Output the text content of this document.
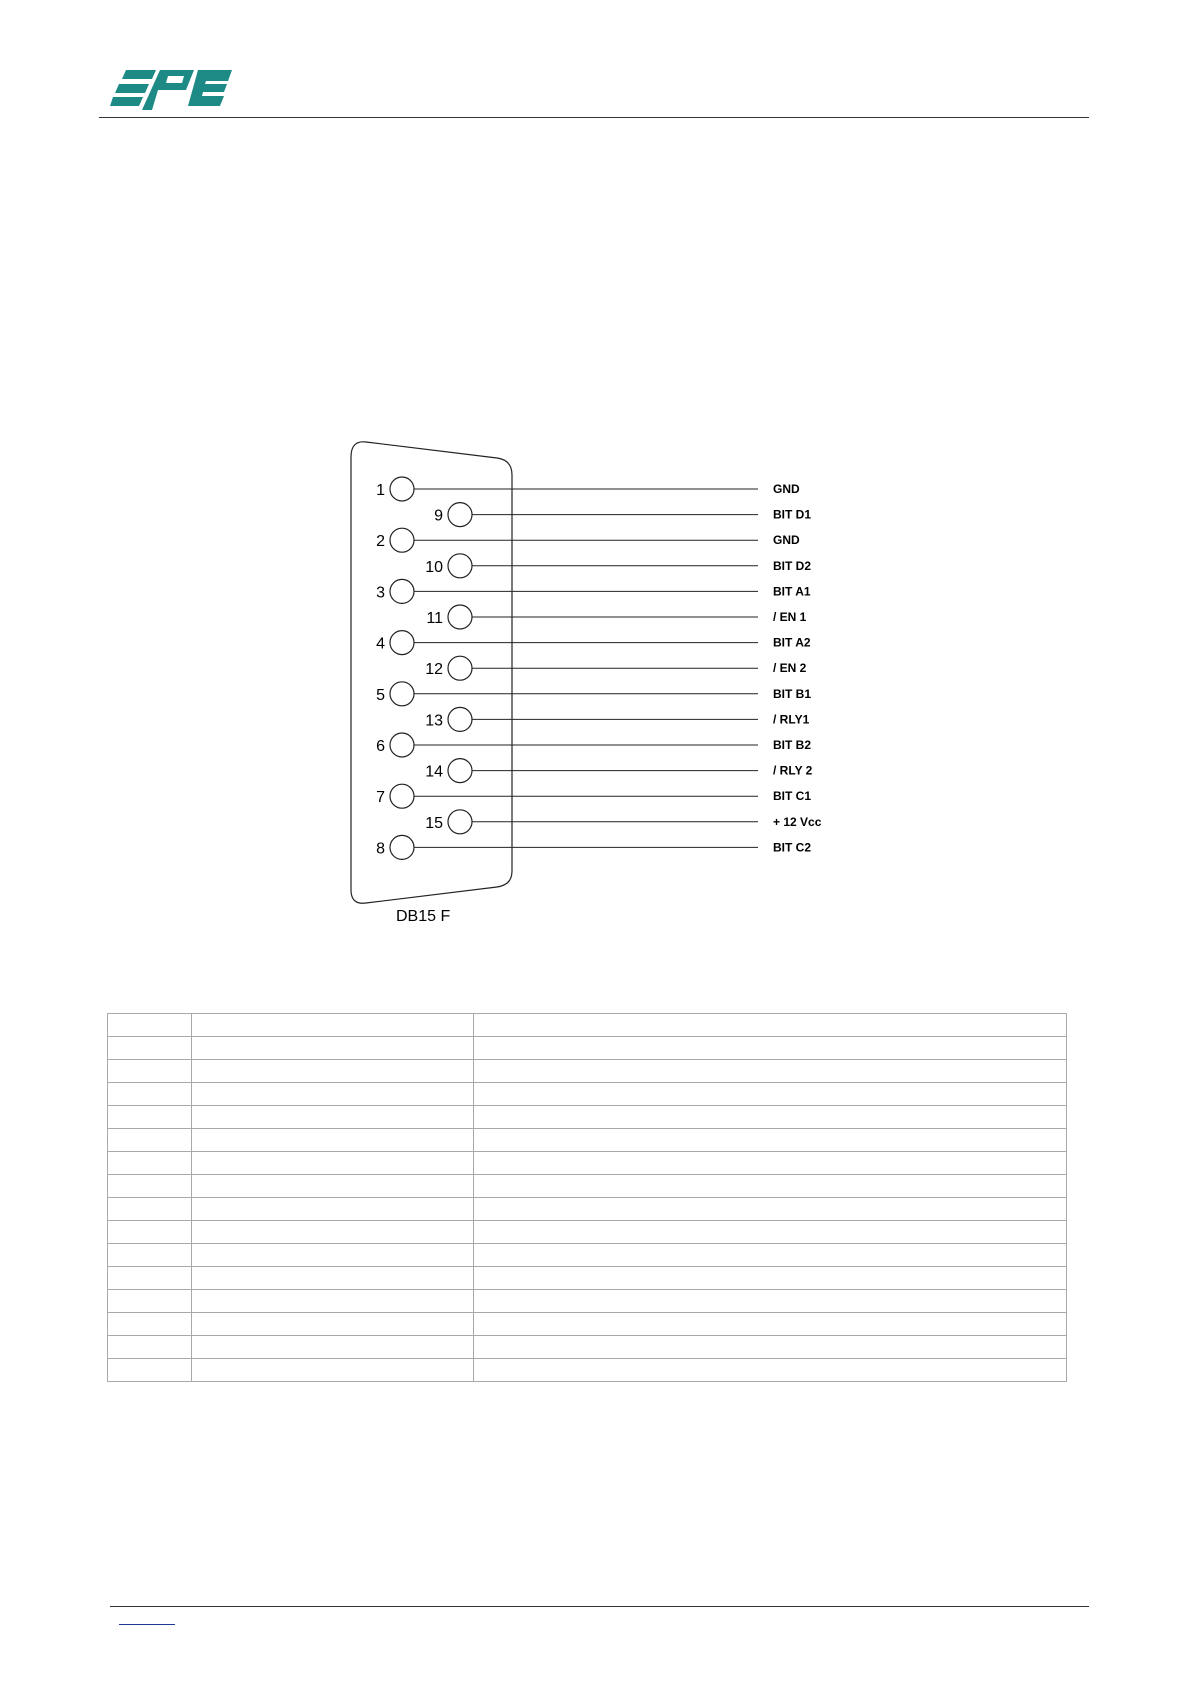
1	GND
9	BIT D1
2	GND
10	BIT D2
3	BIT A1
11	/ EN 1
4	BIT A2
12	/ EN 2
5	BIT B1
13	/ RLY1
6	BIT B2
14	/ RLY 2
7	BIT C1
15	+ 12 Vcc
8	BIT C2
DB15 F
